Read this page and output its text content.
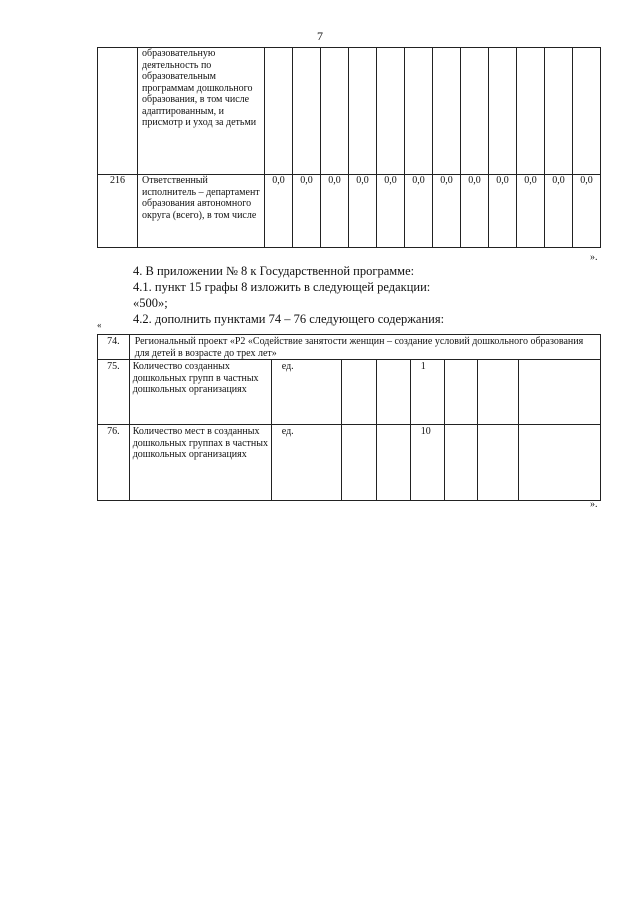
7
	образовательную деятельность по образовательным программам дошкольного образования, в том числе адаптированным, и присмотр и уход за детьми												
216	Ответственный исполнитель – департамент образования автономного округа (всего), в том числе	0,0	0,0	0,0	0,0	0,0	0,0	0,0	0,0	0,0	0,0	0,0	0,0
».
4. В приложении № 8 к Государственной программе:
4.1. пункт 15 графы 8 изложить в следующей редакции:
«500»;
4.2. дополнить пунктами 74 – 76 следующего содержания:
«
74.	Региональный проект «Р2 «Содействие занятости женщин – создание условий дошкольного образования для детей в возрасте до трех лет»							
75.	Количество созданных дошкольных групп в частных дошкольных организациях	ед.			1			
76.	Количество мест в созданных дошкольных группах в частных дошкольных организациях	ед.			10			
».
